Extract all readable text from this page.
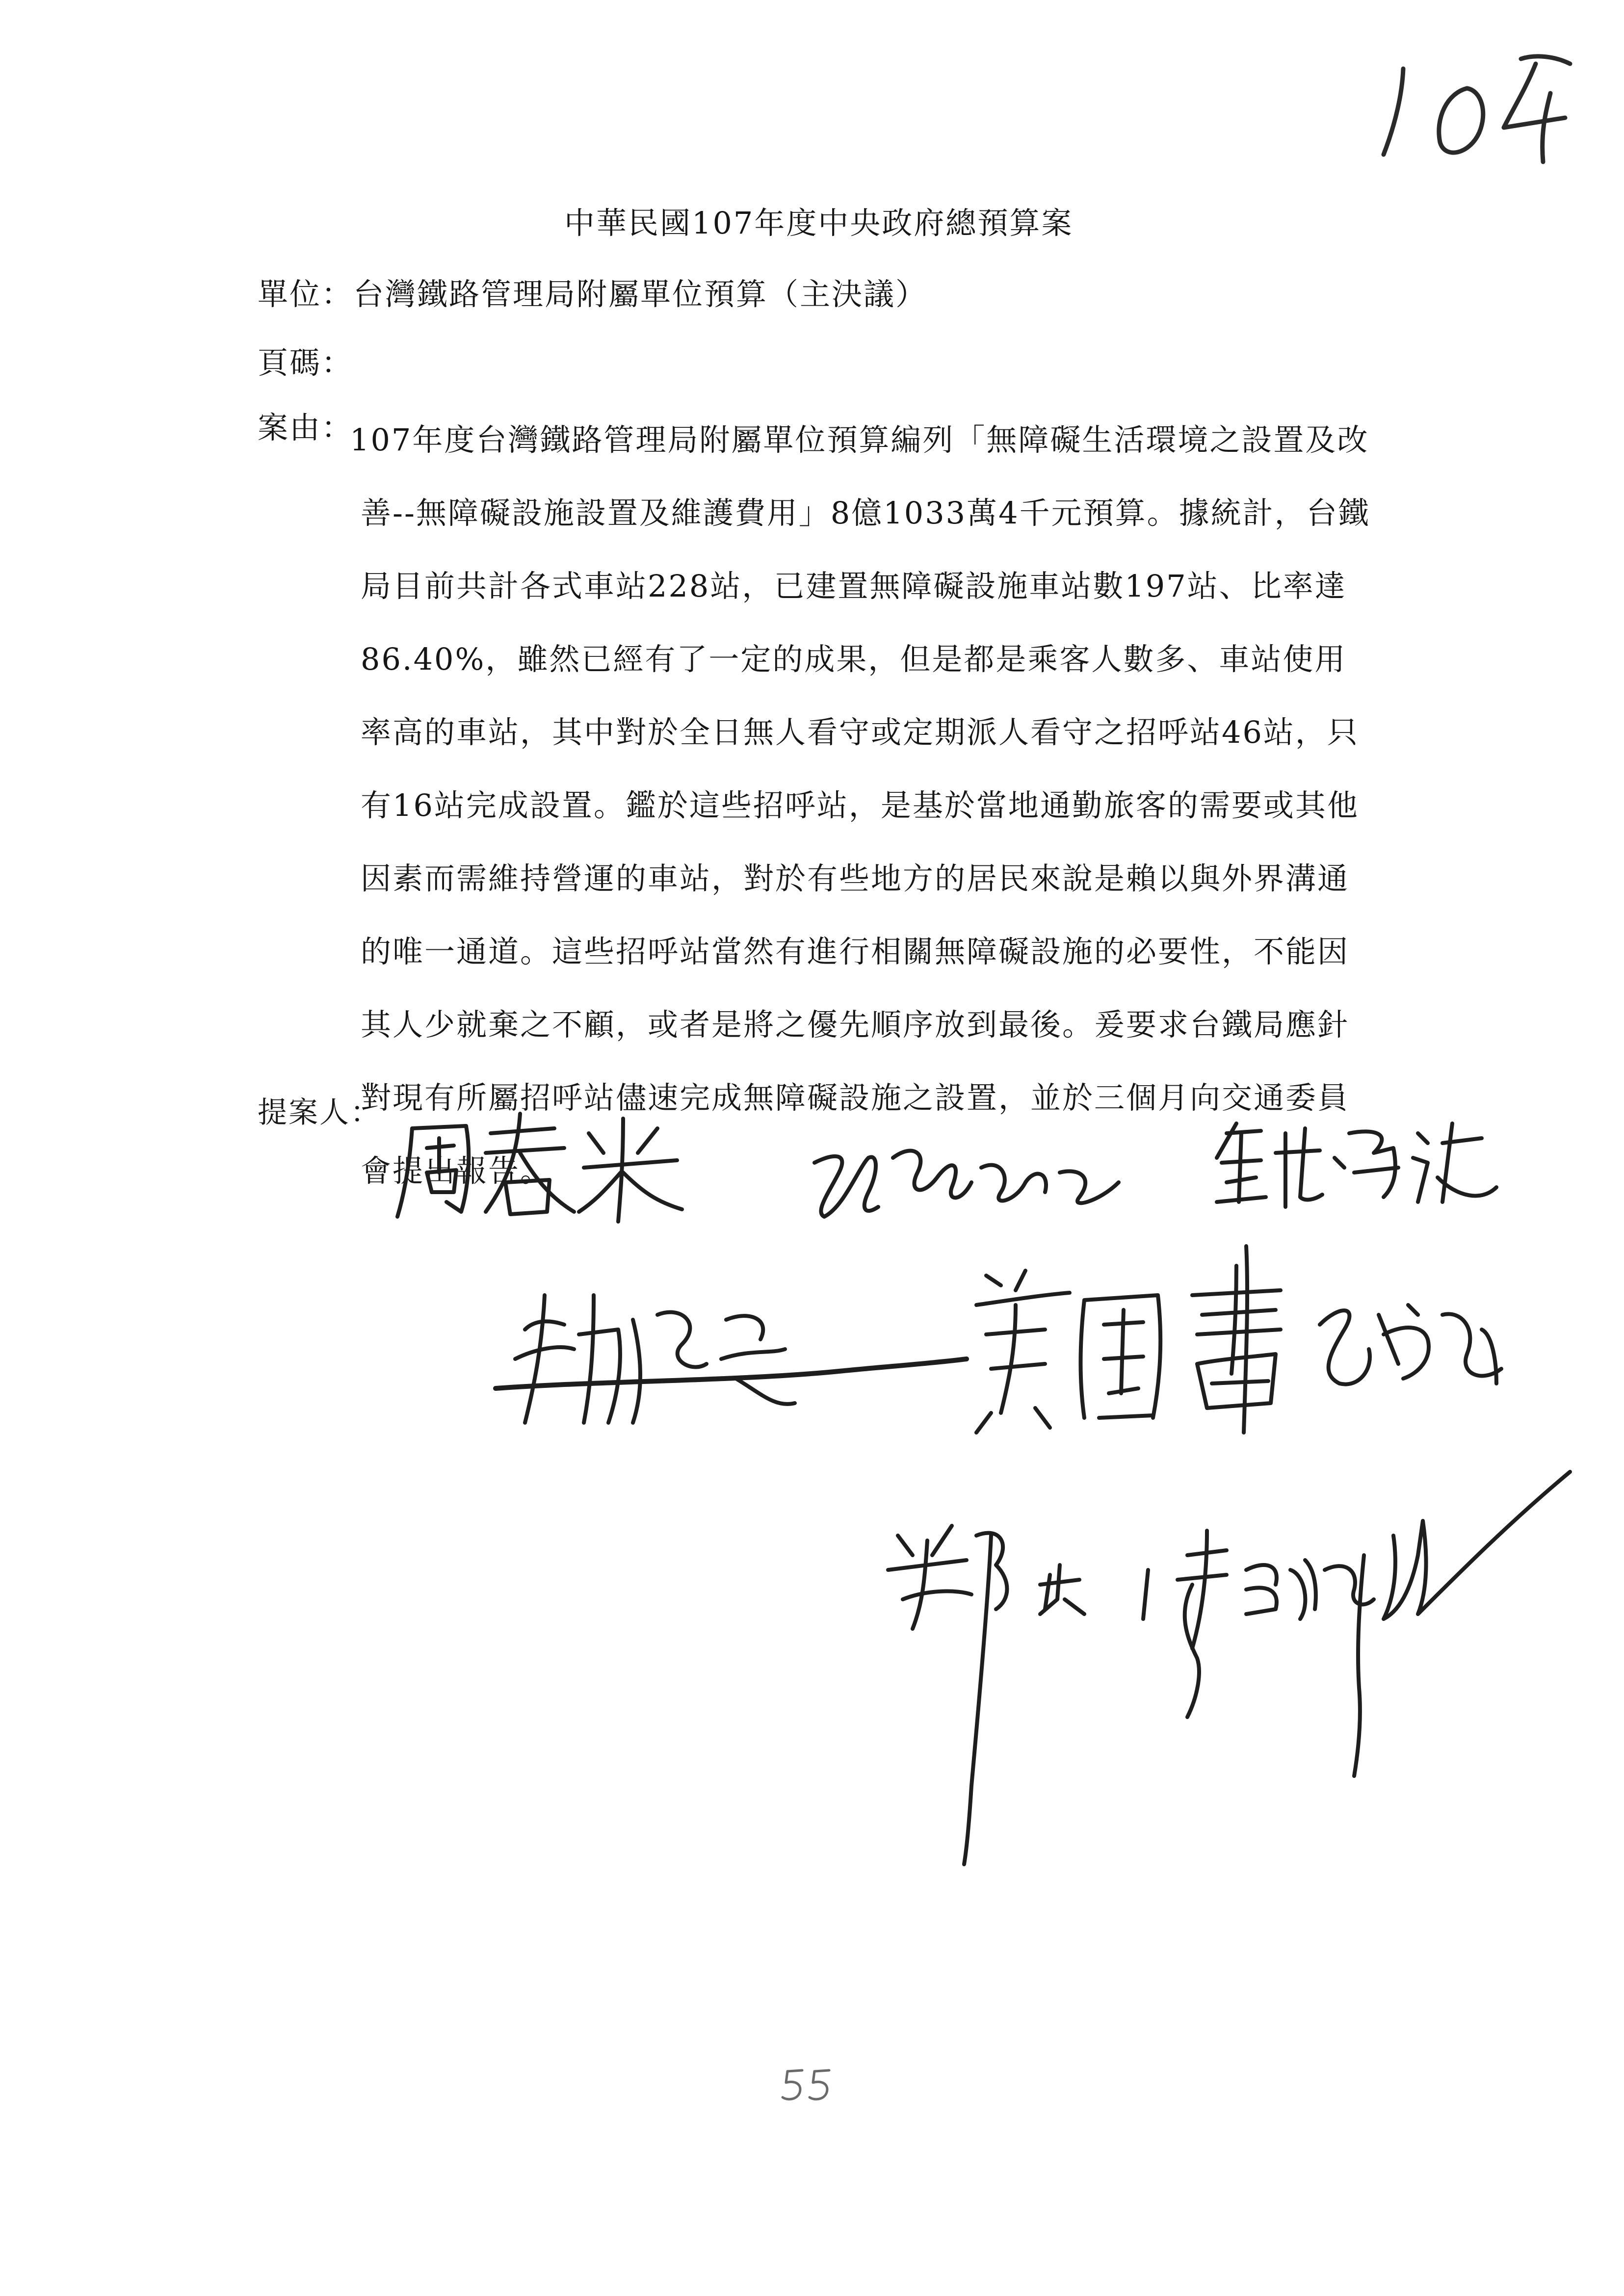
中華民國107年度中央政府總預算案
單位：台灣鐵路管理局附屬單位預算（主決議）
頁碼：
案由：
107年度台灣鐵路管理局附屬單位預算編列「無障礙生活環境之設置及改善--無障礙設施設置及維護費用」8億1033萬4千元預算。據統計，台鐵局目前共計各式車站228站，已建置無障礙設施車站數197站、比率達86.40%，雖然已經有了一定的成果，但是都是乘客人數多、車站使用率高的車站，其中對於全日無人看守或定期派人看守之招呼站46站，只有16站完成設置。鑑於這些招呼站，是基於當地通勤旅客的需要或其他因素而需維持營運的車站，對於有些地方的居民來說是賴以與外界溝通的唯一通道。這些招呼站當然有進行相關無障礙設施的必要性，不能因其人少就棄之不顧，或者是將之優先順序放到最後。爰要求台鐵局應針對現有所屬招呼站儘速完成無障礙設施之設置，並於三個月向交通委員會提出報告。
提案人：
